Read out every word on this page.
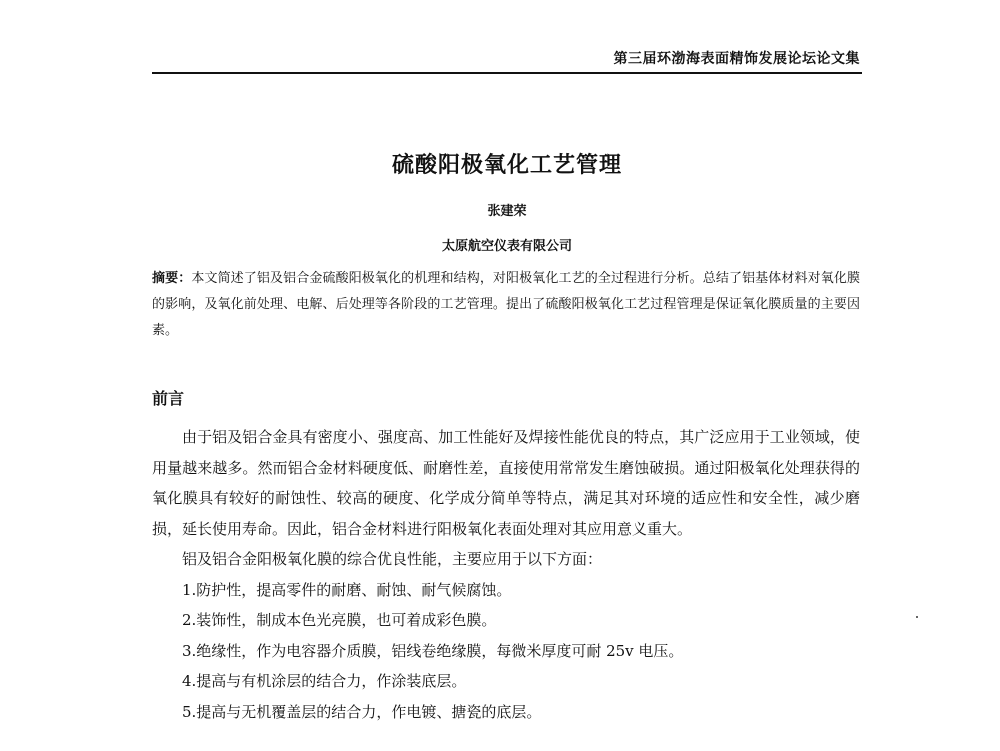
第三届环渤海表面精饰发展论坛论文集
硫酸阳极氧化工艺管理
张建荣
太原航空仪表有限公司
摘要：本文简述了铝及铝合金硫酸阳极氧化的机理和结构，对阳极氧化工艺的全过程进行分析。总结了铝基体材料对氧化膜的影响，及氧化前处理、电解、后处理等各阶段的工艺管理。提出了硫酸阳极氧化工艺过程管理是保证氧化膜质量的主要因素。
前言

由于铝及铝合金具有密度小、强度高、加工性能好及焊接性能优良的特点，其广泛应用于工业领域，使用量越来越多。然而铝合金材料硬度低、耐磨性差，直接使用常常发生磨蚀破损。通过阳极氧化处理获得的氧化膜具有较好的耐蚀性、较高的硬度、化学成分简单等特点，满足其对环境的适应性和安全性，减少磨损，延长使用寿命。因此，铝合金材料进行阳极氧化表面处理对其应用意义重大。

铝及铝合金阳极氧化膜的综合优良性能，主要应用于以下方面：

1.防护性，提高零件的耐磨、耐蚀、耐气候腐蚀。

2.装饰性，制成本色光亮膜，也可着成彩色膜。

3.绝缘性，作为电容器介质膜，铝线卷绝缘膜，每微米厚度可耐 25v 电压。

4.提高与有机涂层的结合力，作涂装底层。

5.提高与无机覆盖层的结合力，作电镀、搪瓷的底层。
